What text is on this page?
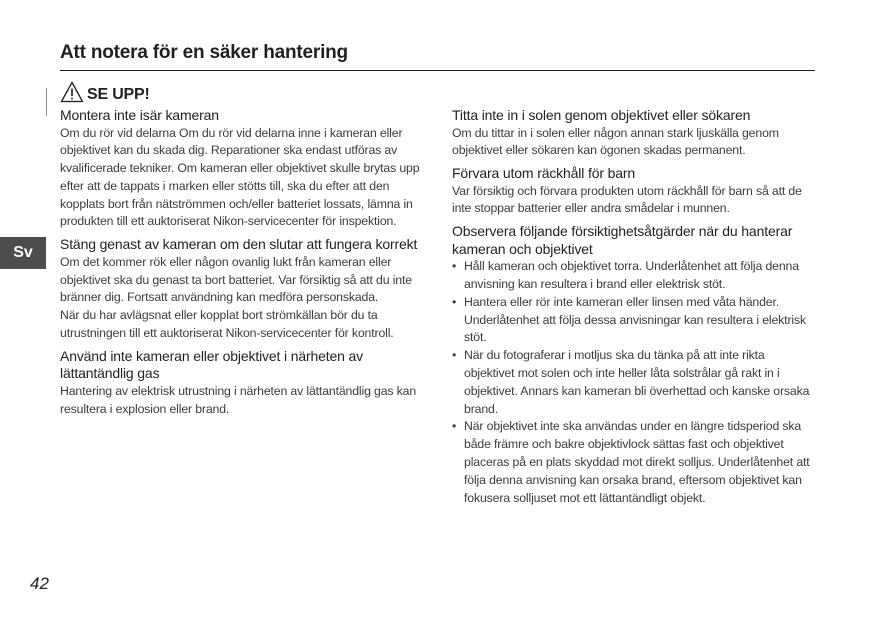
Att notera för en säker hantering
SE UPP!
Sv
Montera inte isär kameran

Om du rör vid delarna Om du rör vid delarna inne i kameran eller objektivet kan du skada dig. Reparationer ska endast utföras av kvalificerade tekniker. Om kameran eller objektivet skulle brytas upp efter att de tappats i marken eller stötts till, ska du efter att den kopplats bort från nätströmmen och/eller batteriet lossats, lämna in produkten till ett auktoriserat Nikon-servicecenter för inspektion.

Stäng genast av kameran om den slutar att fungera korrekt

Om det kommer rök eller någon ovanlig lukt från kameran eller objektivet ska du genast ta bort batteriet. Var försiktig så att du inte bränner dig. Fortsatt användning kan medföra personskada.

När du har avlägsnat eller kopplat bort strömkällan bör du ta utrustningen till ett auktoriserat Nikon-servicecenter för kontroll.

Använd inte kameran eller objektivet i närheten av lättantändlig gas

Hantering av elektrisk utrustning i närheten av lättantändlig gas kan resultera i explosion eller brand.

Titta inte in i solen genom objektivet eller sökaren

Om du tittar in i solen eller någon annan stark ljuskälla genom objektivet eller sökaren kan ögonen skadas permanent.

Förvara utom räckhåll för barn

Var försiktig och förvara produkten utom räckhåll för barn så att de inte stoppar batterier eller andra smådelar i munnen.

Observera följande försiktighetsåtgärder när du hanterar kameran och objektivet
• Håll kameran och objektivet torra. Underlåtenhet att följa denna anvisning kan resultera i brand eller elektrisk stöt.
• Hantera eller rör inte kameran eller linsen med våta händer. Underlåtenhet att följa dessa anvisningar kan resultera i elektrisk stöt.
• När du fotograferar i motljus ska du tänka på att inte rikta objektivet mot solen och inte heller låta solstrålar gå rakt in i objektivet. Annars kan kameran bli överhettad och kanske orsaka brand.
• När objektivet inte ska användas under en längre tidsperiod ska både främre och bakre objektivlock sättas fast och objektivet placeras på en plats skyddad mot direkt solljus. Underlåtenhet att följa denna anvisning kan orsaka brand, eftersom objektivet kan fokusera solljuset mot ett lättantändligt objekt.
42
